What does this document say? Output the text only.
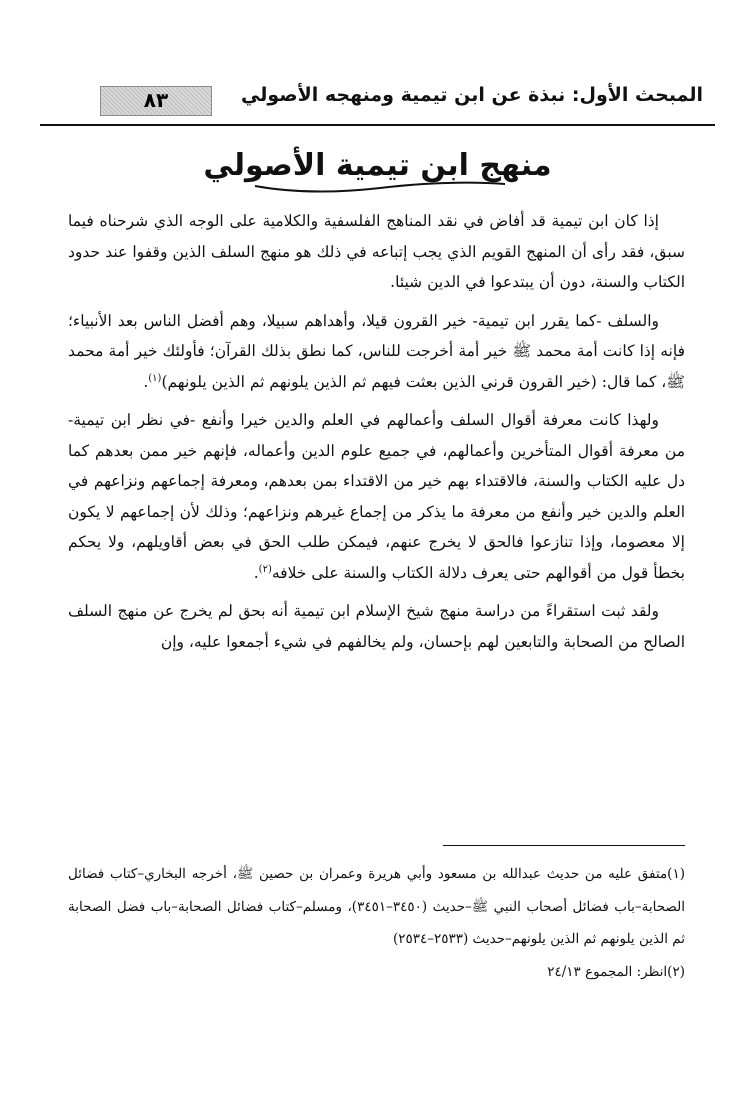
المبحث الأول: نبذة عن ابن تيمية ومنهجه الأصولي
٨٣
منهج ابن تيمية الأصولي

إذا كان ابن تيمية قد أفاض في نقد المناهج الفلسفية والكلامية على الوجه الذي شرحناه فيما سبق، فقد رأى أن المنهج القويم الذي يجب إتباعه في ذلك هو منهج السلف الذين وقفوا عند حدود الكتاب والسنة، دون أن يبتدعوا في الدين شيئا.

والسلف -كما يقرر ابن تيمية- خير القرون قيلا، وأهداهم سبيلا، وهم أفضل الناس بعد الأنبياء؛ فإنه إذا كانت أمة محمد ﷺ خير أمة أخرجت للناس، كما نطق بذلك القرآن؛ فأولئك خير أمة محمد ﷺ، كما قال: (خير القرون قرني الذين بعثت فيهم ثم الذين يلونهم ثم الذين يلونهم)$^{(١)}$.

ولهذا كانت معرفة أقوال السلف وأعمالهم في العلم والدين خيرا وأنفع -في نظر ابن تيمية- من معرفة أقوال المتأخرين وأعمالهم، في جميع علوم الدين وأعماله، فإنهم خير ممن بعدهم كما دل عليه الكتاب والسنة، فالاقتداء بهم خير من الاقتداء بمن بعدهم، ومعرفة إجماعهم ونزاعهم في العلم والدين خير وأنفع من معرفة ما يذكر من إجماع غيرهم ونزاعهم؛ وذلك لأن إجماعهم لا يكون إلا معصوما، وإذا تنازعوا فالحق لا يخرج عنهم، فيمكن طلب الحق في بعض أقاويلهم، ولا يحكم بخطأ قول من أقوالهم حتى يعرف دلالة الكتاب والسنة على خلافه$^{(٢)}$.

ولقد ثبت استقراءً من دراسة منهج شيخ الإسلام ابن تيمية أنه بحق لم يخرج عن منهج السلف الصالح من الصحابة والتابعين لهم بإحسان، ولم يخالفهم في شيء أجمعوا عليه، وإن

(١)متفق عليه من حديث عبدالله بن مسعود وأبي هريرة وعمران بن حصين ﷺ، أخرجه البخاري–كتاب فضائل الصحابة–باب فضائل أصحاب النبي ﷺ–حديث (٣٤٥٠–٣٤٥١)، ومسلم–كتاب فضائل الصحابة–باب فضل الصحابة ثم الذين يلونهم ثم الذين يلونهم–حديث (٢٥٣٣–٢٥٣٤)

(٢)انظر: المجموع ٢٤/١٣
